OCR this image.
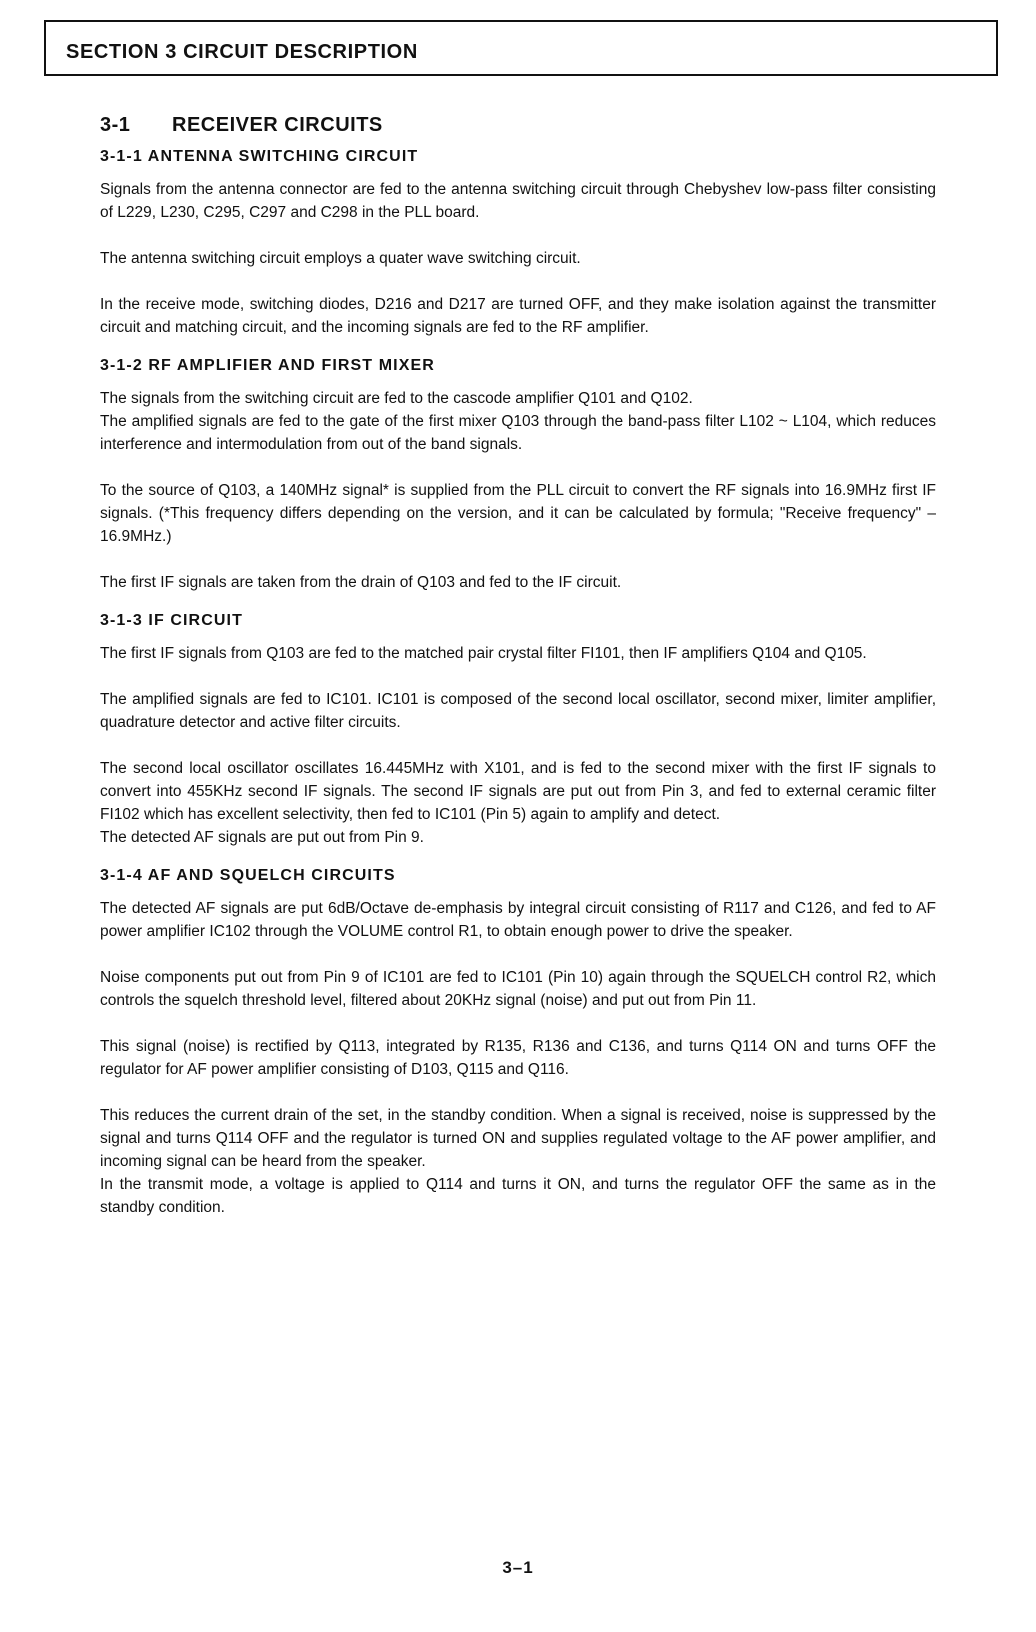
SECTION 3 CIRCUIT DESCRIPTION
3-1 RECEIVER CIRCUITS
3-1-1 ANTENNA SWITCHING CIRCUIT
Signals from the antenna connector are fed to the antenna switching circuit through Chebyshev low-pass filter consisting of L229, L230, C295, C297 and C298 in the PLL board.
The antenna switching circuit employs a quater wave switching circuit.
In the receive mode, switching diodes, D216 and D217 are turned OFF, and they make isolation against the transmitter circuit and matching circuit, and the incoming signals are fed to the RF amplifier.
3-1-2 RF AMPLIFIER AND FIRST MIXER
The signals from the switching circuit are fed to the cascode amplifier Q101 and Q102.
The amplified signals are fed to the gate of the first mixer Q103 through the band-pass filter L102 ~ L104, which reduces interference and intermodulation from out of the band signals.
To the source of Q103, a 140MHz signal* is supplied from the PLL circuit to convert the RF signals into 16.9MHz first IF signals. (*This frequency differs depending on the version, and it can be calculated by formula; "Receive frequency" – 16.9MHz.)
The first IF signals are taken from the drain of Q103 and fed to the IF circuit.
3-1-3 IF CIRCUIT
The first IF signals from Q103 are fed to the matched pair crystal filter FI101, then IF amplifiers Q104 and Q105.
The amplified signals are fed to IC101. IC101 is composed of the second local oscillator, second mixer, limiter amplifier, quadrature detector and active filter circuits.
The second local oscillator oscillates 16.445MHz with X101, and is fed to the second mixer with the first IF signals to convert into 455KHz second IF signals. The second IF signals are put out from Pin 3, and fed to external ceramic filter FI102 which has excellent selectivity, then fed to IC101 (Pin 5) again to amplify and detect.
The detected AF signals are put out from Pin 9.
3-1-4 AF AND SQUELCH CIRCUITS
The detected AF signals are put 6dB/Octave de-emphasis by integral circuit consisting of R117 and C126, and fed to AF power amplifier IC102 through the VOLUME control R1, to obtain enough power to drive the speaker.
Noise components put out from Pin 9 of IC101 are fed to IC101 (Pin 10) again through the SQUELCH control R2, which controls the squelch threshold level, filtered about 20KHz signal (noise) and put out from Pin 11.
This signal (noise) is rectified by Q113, integrated by R135, R136 and C136, and turns Q114 ON and turns OFF the regulator for AF power amplifier consisting of D103, Q115 and Q116.
This reduces the current drain of the set, in the standby condition. When a signal is received, noise is suppressed by the signal and turns Q114 OFF and the regulator is turned ON and supplies regulated voltage to the AF power amplifier, and incoming signal can be heard from the speaker.
In the transmit mode, a voltage is applied to Q114 and turns it ON, and turns the regulator OFF the same as in the standby condition.
3–1
